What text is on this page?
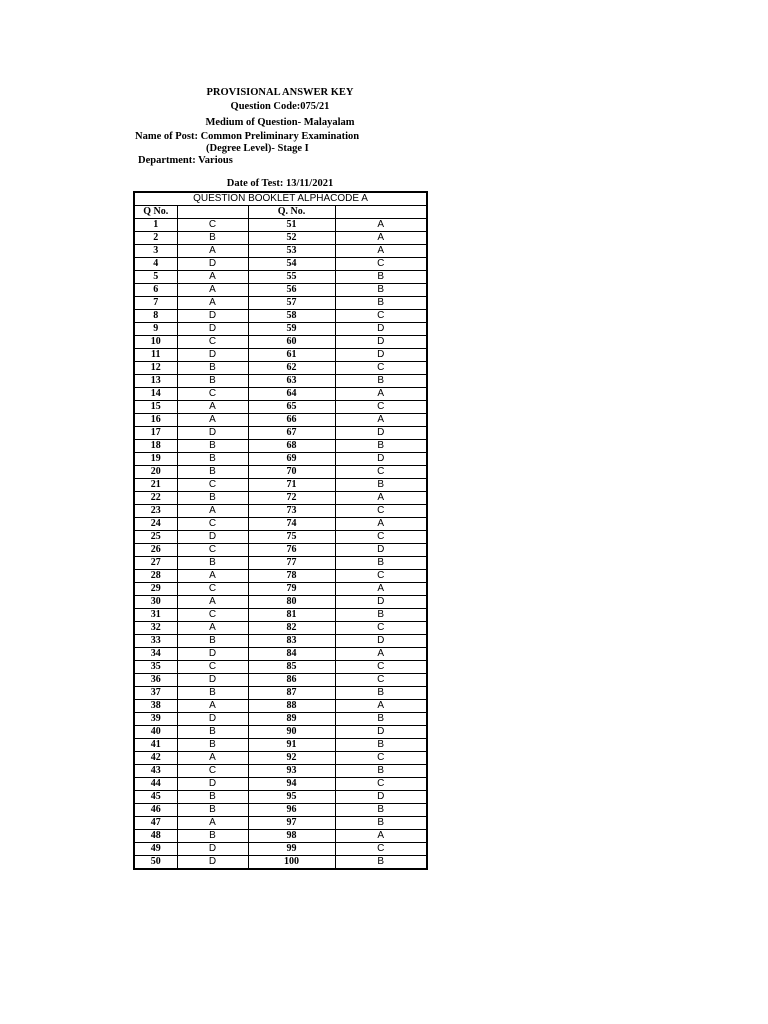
PROVISIONAL ANSWER KEY
Question Code:075/21
Medium of Question- Malayalam
Name of Post: Common Preliminary Examination
(Degree Level)- Stage I
Department: Various
Date of Test: 13/11/2021
QUESTION BOOKLET ALPHACODE A			
Q No.		Q. No.	
1	C	51	A
2	B	52	A
3	A	53	A
4	D	54	C
5	A	55	B
6	A	56	B
7	A	57	B
8	D	58	C
9	D	59	D
10	C	60	D
11	D	61	D
12	B	62	C
13	B	63	B
14	C	64	A
15	A	65	C
16	A	66	A
17	D	67	D
18	B	68	B
19	B	69	D
20	B	70	C
21	C	71	B
22	B	72	A
23	A	73	C
24	C	74	A
25	D	75	C
26	C	76	D
27	B	77	B
28	A	78	C
29	C	79	A
30	A	80	D
31	C	81	B
32	A	82	C
33	B	83	D
34	D	84	A
35	C	85	C
36	D	86	C
37	B	87	B
38	A	88	A
39	D	89	B
40	B	90	D
41	B	91	B
42	A	92	C
43	C	93	B
44	D	94	C
45	B	95	D
46	B	96	B
47	A	97	B
48	B	98	A
49	D	99	C
50	D	100	B
